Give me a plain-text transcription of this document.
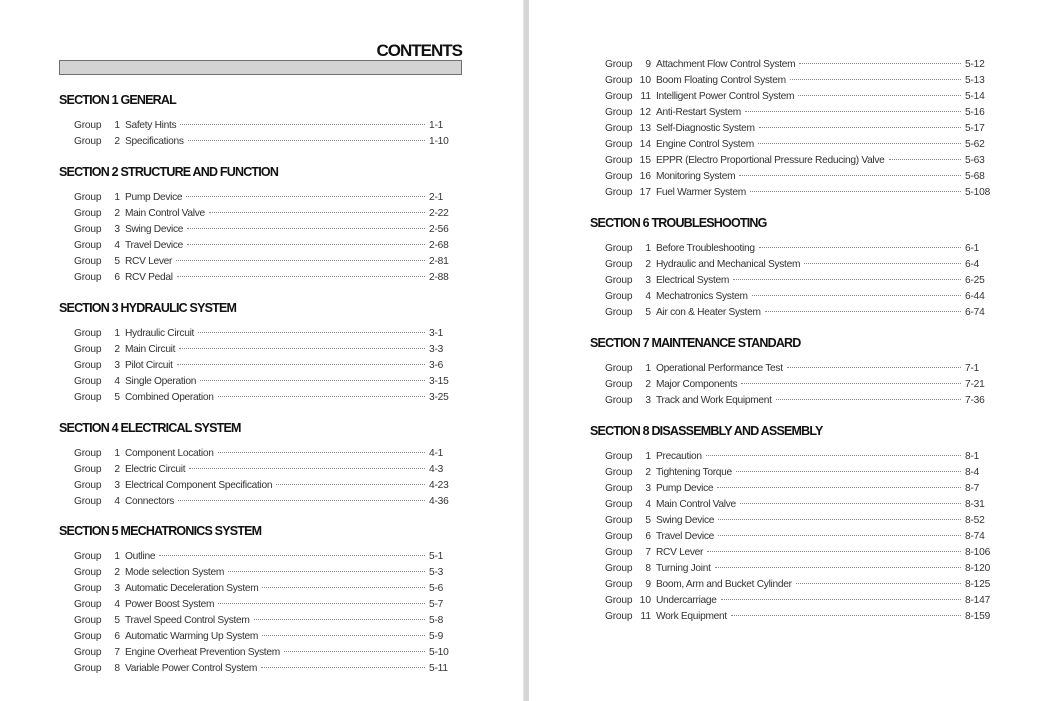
CONTENTS
SECTION 1 GENERAL
Group	1 Safety Hints	1-1
Group	2 Specifications	1-10
SECTION 2 STRUCTURE AND FUNCTION
Group	1 Pump Device	2-1
Group	2 Main Control Valve	2-22
Group	3 Swing Device	2-56
Group	4 Travel Device	2-68
Group	5 RCV Lever	2-81
Group	6 RCV Pedal	2-88
SECTION 3 HYDRAULIC SYSTEM
Group	1 Hydraulic Circuit	3-1
Group	2 Main Circuit	3-3
Group	3 Pilot Circuit	3-6
Group	4 Single Operation	3-15
Group	5 Combined Operation	3-25
SECTION 4 ELECTRICAL SYSTEM
Group	1 Component Location	4-1
Group	2 Electric Circuit	4-3
Group	3 Electrical Component Specification	4-23
Group	4 Connectors	4-36
SECTION 5 MECHATRONICS SYSTEM
Group	1 Outline	5-1
Group	2 Mode selection System	5-3
Group	3 Automatic Deceleration System	5-6
Group	4 Power Boost System	5-7
Group	5 Travel Speed Control System	5-8
Group	6 Automatic Warming Up System	5-9
Group	7 Engine Overheat Prevention System	5-10
Group	8 Variable Power Control System	5-11
Group	9 Attachment Flow Control System	5-12
Group 10 Boom Floating Control System	5-13
Group 11 Intelligent Power Control System	5-14
Group 12 Anti-Restart System	5-16
Group 13 Self-Diagnostic System	5-17
Group 14 Engine Control System	5-62
Group 15 EPPR (Electro Proportional Pressure Reducing) Valve	5-63
Group 16 Monitoring System	5-68
Group 17 Fuel Warmer System	5-108
SECTION 6 TROUBLESHOOTING
Group	1 Before Troubleshooting	6-1
Group	2 Hydraulic and Mechanical System	6-4
Group	3 Electrical System	6-25
Group	4 Mechatronics System	6-44
Group	5 Air con & Heater System	6-74
SECTION 7 MAINTENANCE STANDARD
Group	1 Operational Performance Test	7-1
Group	2 Major Components	7-21
Group	3 Track and Work Equipment	7-36
SECTION 8 DISASSEMBLY AND ASSEMBLY
Group	1 Precaution	8-1
Group	2 Tightening Torque	8-4
Group	3 Pump Device	8-7
Group	4 Main Control Valve	8-31
Group	5 Swing Device	8-52
Group	6 Travel Device	8-74
Group	7 RCV Lever	8-106
Group	8 Turning Joint	8-120
Group	9 Boom, Arm and Bucket Cylinder	8-125
Group 10 Undercarriage	8-147
Group 11 Work Equipment	8-159
